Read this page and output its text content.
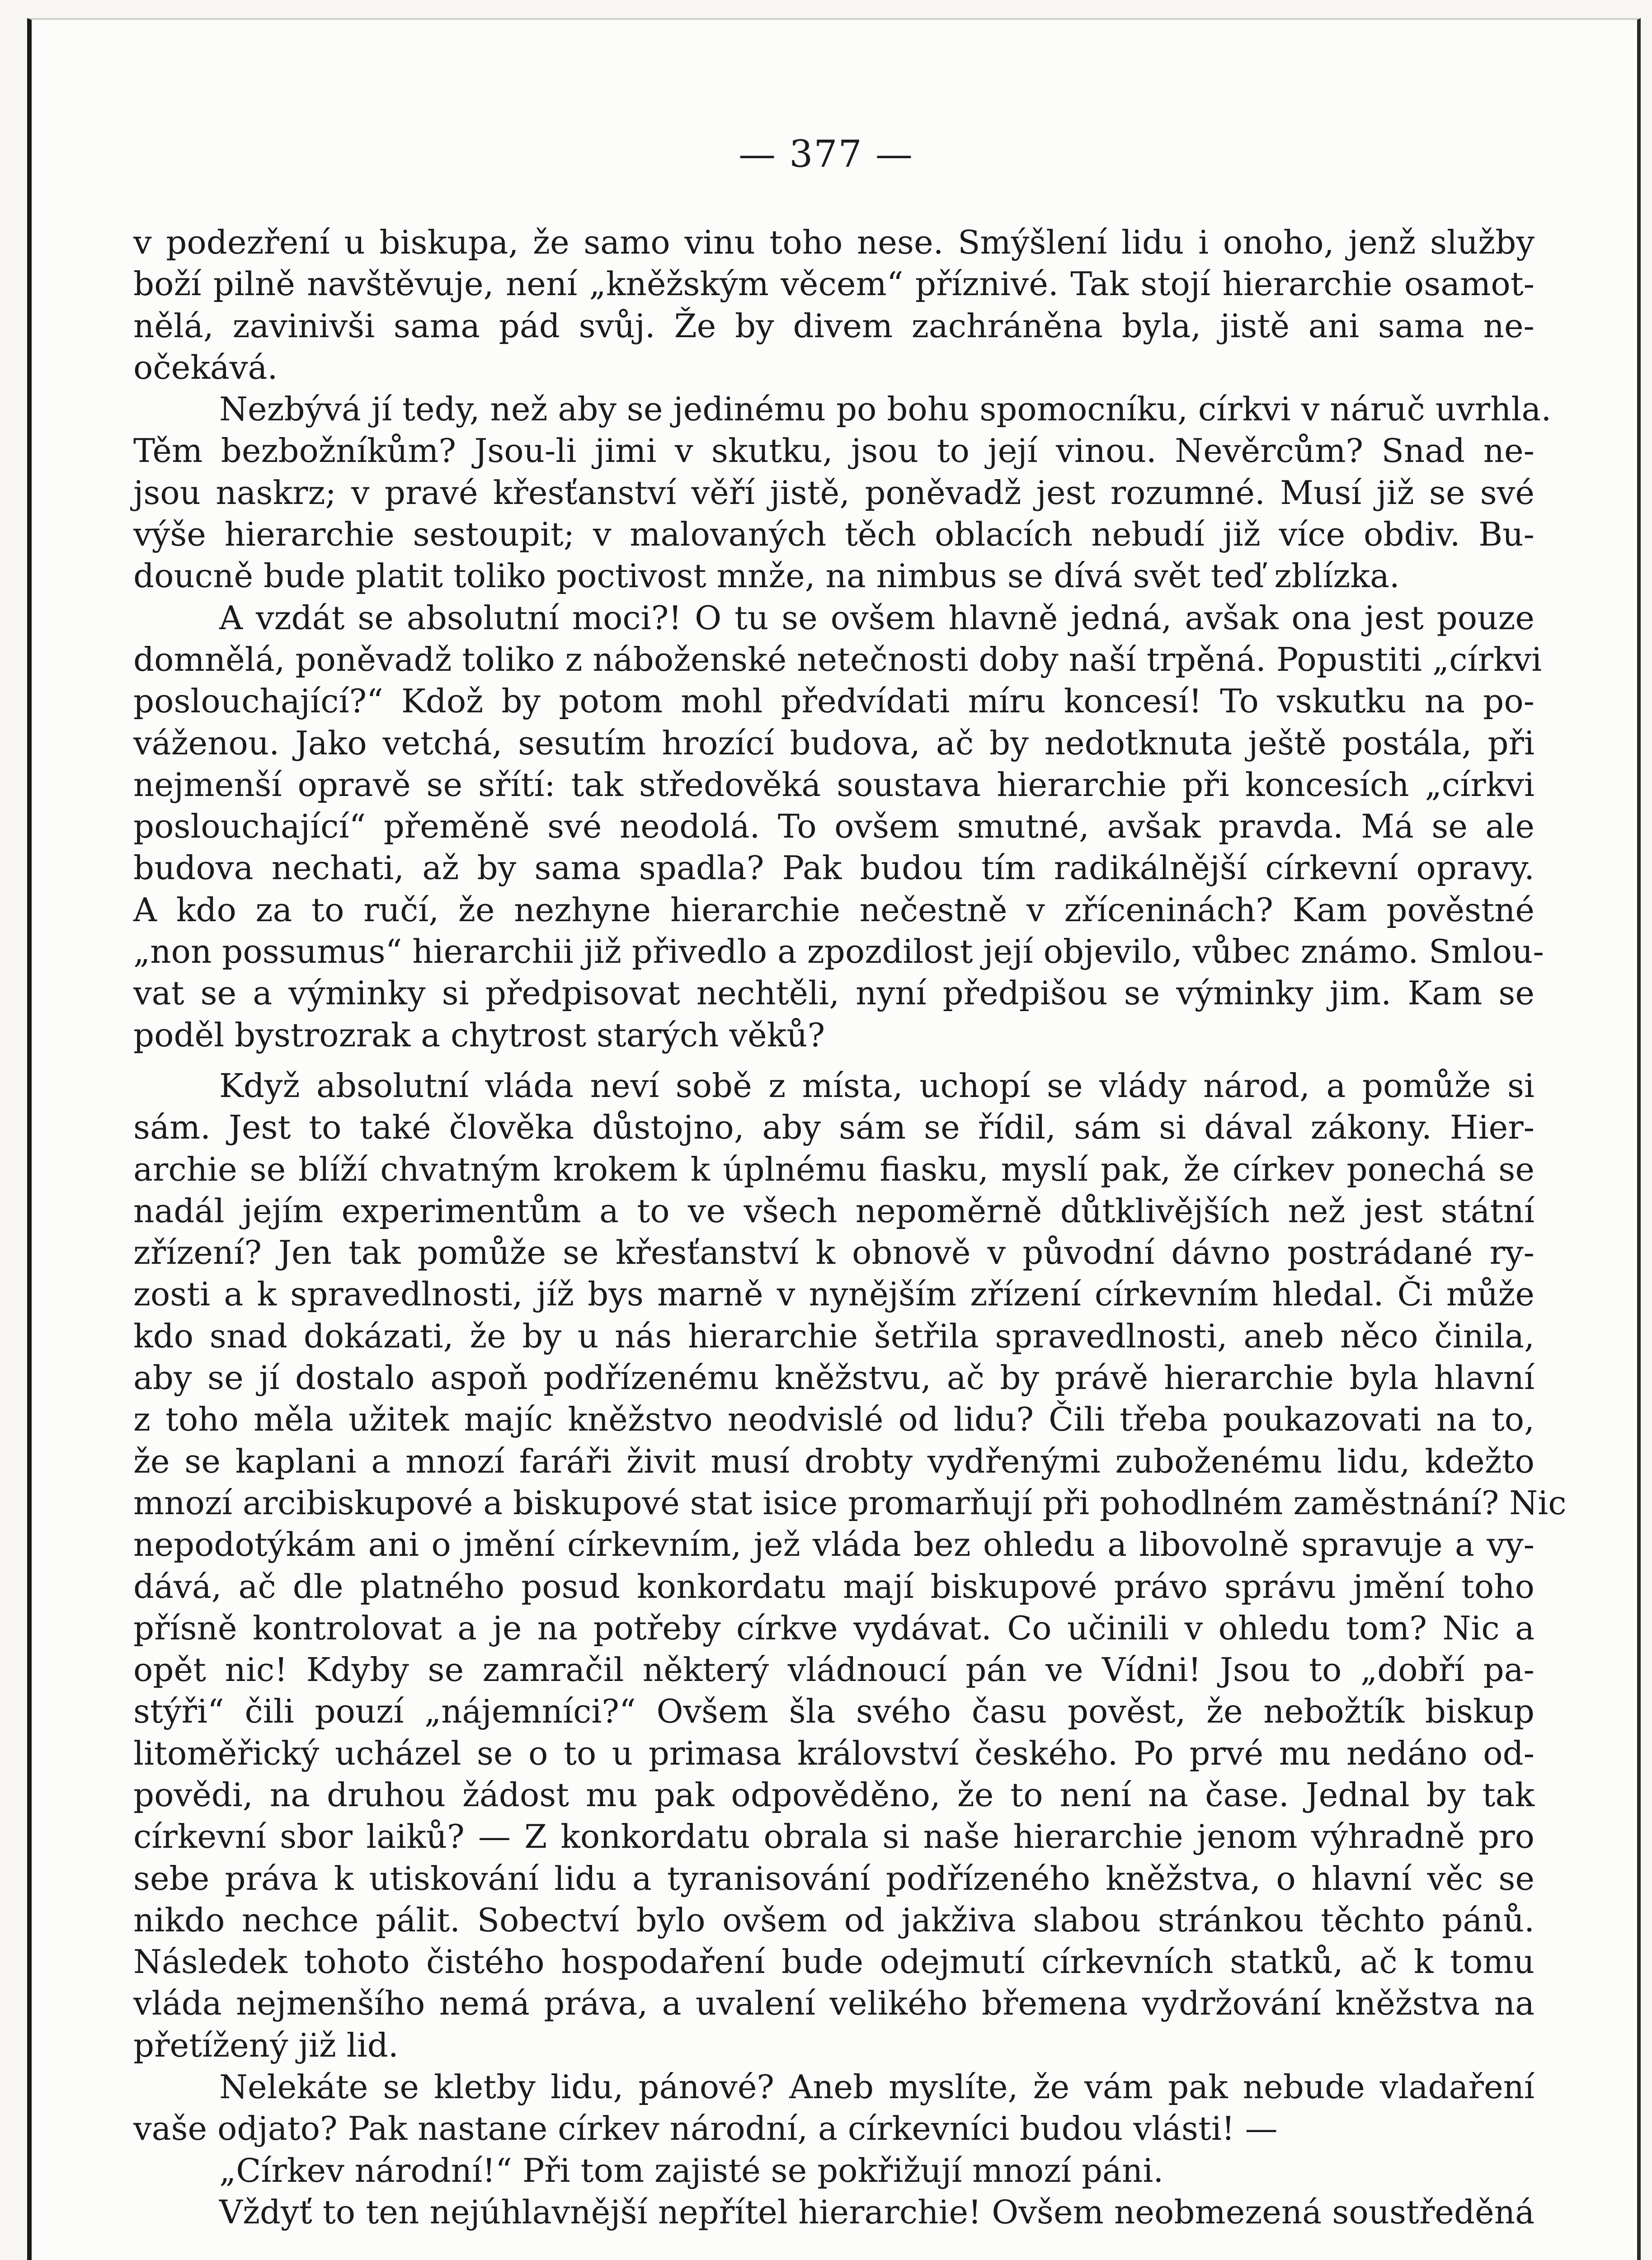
— 377 —
v podezření u biskupa, že samo vinu toho nese. Smýšlení lidu i onoho, jenž služby
boží pilně navštěvuje, není „kněžským věcem“ příznivé. Tak stojí hierarchie osamot-
nělá, zavinivši sama pád svůj. Že by divem zachráněna byla, jistě ani sama ne-
očekává.
Nezbývá jí tedy, než aby se jedinému po bohu spomocníku, církvi v náruč uvrhla.
Těm bezbožníkům? Jsou-li jimi v skutku, jsou to její vinou. Nevěrcům? Snad ne-
jsou naskrz; v pravé křesťanství věří jistě, poněvadž jest rozumné. Musí již se své
výše hierarchie sestoupit; v malovaných těch oblacích nebudí již více obdiv. Bu-
doucně bude platit toliko poctivost mnže, na nimbus se dívá svět teď zblízka.
A vzdát se absolutní moci?! O tu se ovšem hlavně jedná, avšak ona jest pouze
domnělá, poněvadž toliko z náboženské netečnosti doby naší trpěná. Popustiti „církvi
poslouchající?“ Kdož by potom mohl předvídati míru koncesí! To vskutku na po-
váženou. Jako vetchá, sesutím hrozící budova, ač by nedotknuta ještě postála, při
nejmenší opravě se sřítí: tak středověká soustava hierarchie při koncesích „církvi
poslouchající“ přeměně své neodolá. To ovšem smutné, avšak pravda. Má se ale
budova nechati, až by sama spadla? Pak budou tím radikálnější církevní opravy.
A kdo za to ručí, že nezhyne hierarchie nečestně v zříceninách? Kam pověstné
„non possumus“ hierarchii již přivedlo a zpozdilost její objevilo, vůbec známo. Smlou-
vat se a výminky si předpisovat nechtěli, nyní předpišou se výminky jim. Kam se
poděl bystrozrak a chytrost starých věků?
Když absolutní vláda neví sobě z místa, uchopí se vlády národ, a pomůže si
sám. Jest to také člověka důstojno, aby sám se řídil, sám si dával zákony. Hier-
archie se blíží chvatným krokem k úplnému fiasku, myslí pak, že církev ponechá se
nadál jejím experimentům a to ve všech nepoměrně důtklivějších než jest státní
zřízení? Jen tak pomůže se křesťanství k obnově v původní dávno postrádané ry-
zosti a k spravedlnosti, jíž bys marně v nynějším zřízení církevním hledal. Či může
kdo snad dokázati, že by u nás hierarchie šetřila spravedlnosti, aneb něco činila,
aby se jí dostalo aspoň podřízenému kněžstvu, ač by právě hierarchie byla hlavní
z toho měla užitek majíc kněžstvo neodvislé od lidu? Čili třeba poukazovati na to,
že se kaplani a mnozí faráři živit musí drobty vydřenými zuboženému lidu, kdežto
mnozí arcibiskupové a biskupové stat isice promarňují při pohodlném zaměstnání? Nic
nepodotýkám ani o jmění církevním, jež vláda bez ohledu a libovolně spravuje a vy-
dává, ač dle platného posud konkordatu mají biskupové právo správu jmění toho
přísně kontrolovat a je na potřeby církve vydávat. Co učinili v ohledu tom? Nic a
opět nic! Kdyby se zamračil některý vládnoucí pán ve Vídni! Jsou to „dobří pa-
stýři“ čili pouzí „nájemníci?“ Ovšem šla svého času pověst, že nebožtík biskup
litoměřický ucházel se o to u primasa království českého. Po prvé mu nedáno od-
povědi, na druhou žádost mu pak odpověděno, že to není na čase. Jednal by tak
církevní sbor laiků? — Z konkordatu obrala si naše hierarchie jenom výhradně pro
sebe práva k utiskování lidu a tyranisování podřízeného kněžstva, o hlavní věc se
nikdo nechce pálit. Sobectví bylo ovšem od jakživa slabou stránkou těchto pánů.
Následek tohoto čistého hospodaření bude odejmutí církevních statků, ač k tomu
vláda nejmenšího nemá práva, a uvalení velikého břemena vydržování kněžstva na
přetížený již lid.
Nelekáte se kletby lidu, pánové? Aneb myslíte, že vám pak nebude vladaření
vaše odjato? Pak nastane církev národní, a církevníci budou vlásti! —
„Církev národní!“ Při tom zajisté se pokřižují mnozí páni.
Vždyť to ten nejúhlavnější nepřítel hierarchie! Ovšem neobmezená soustředěná
